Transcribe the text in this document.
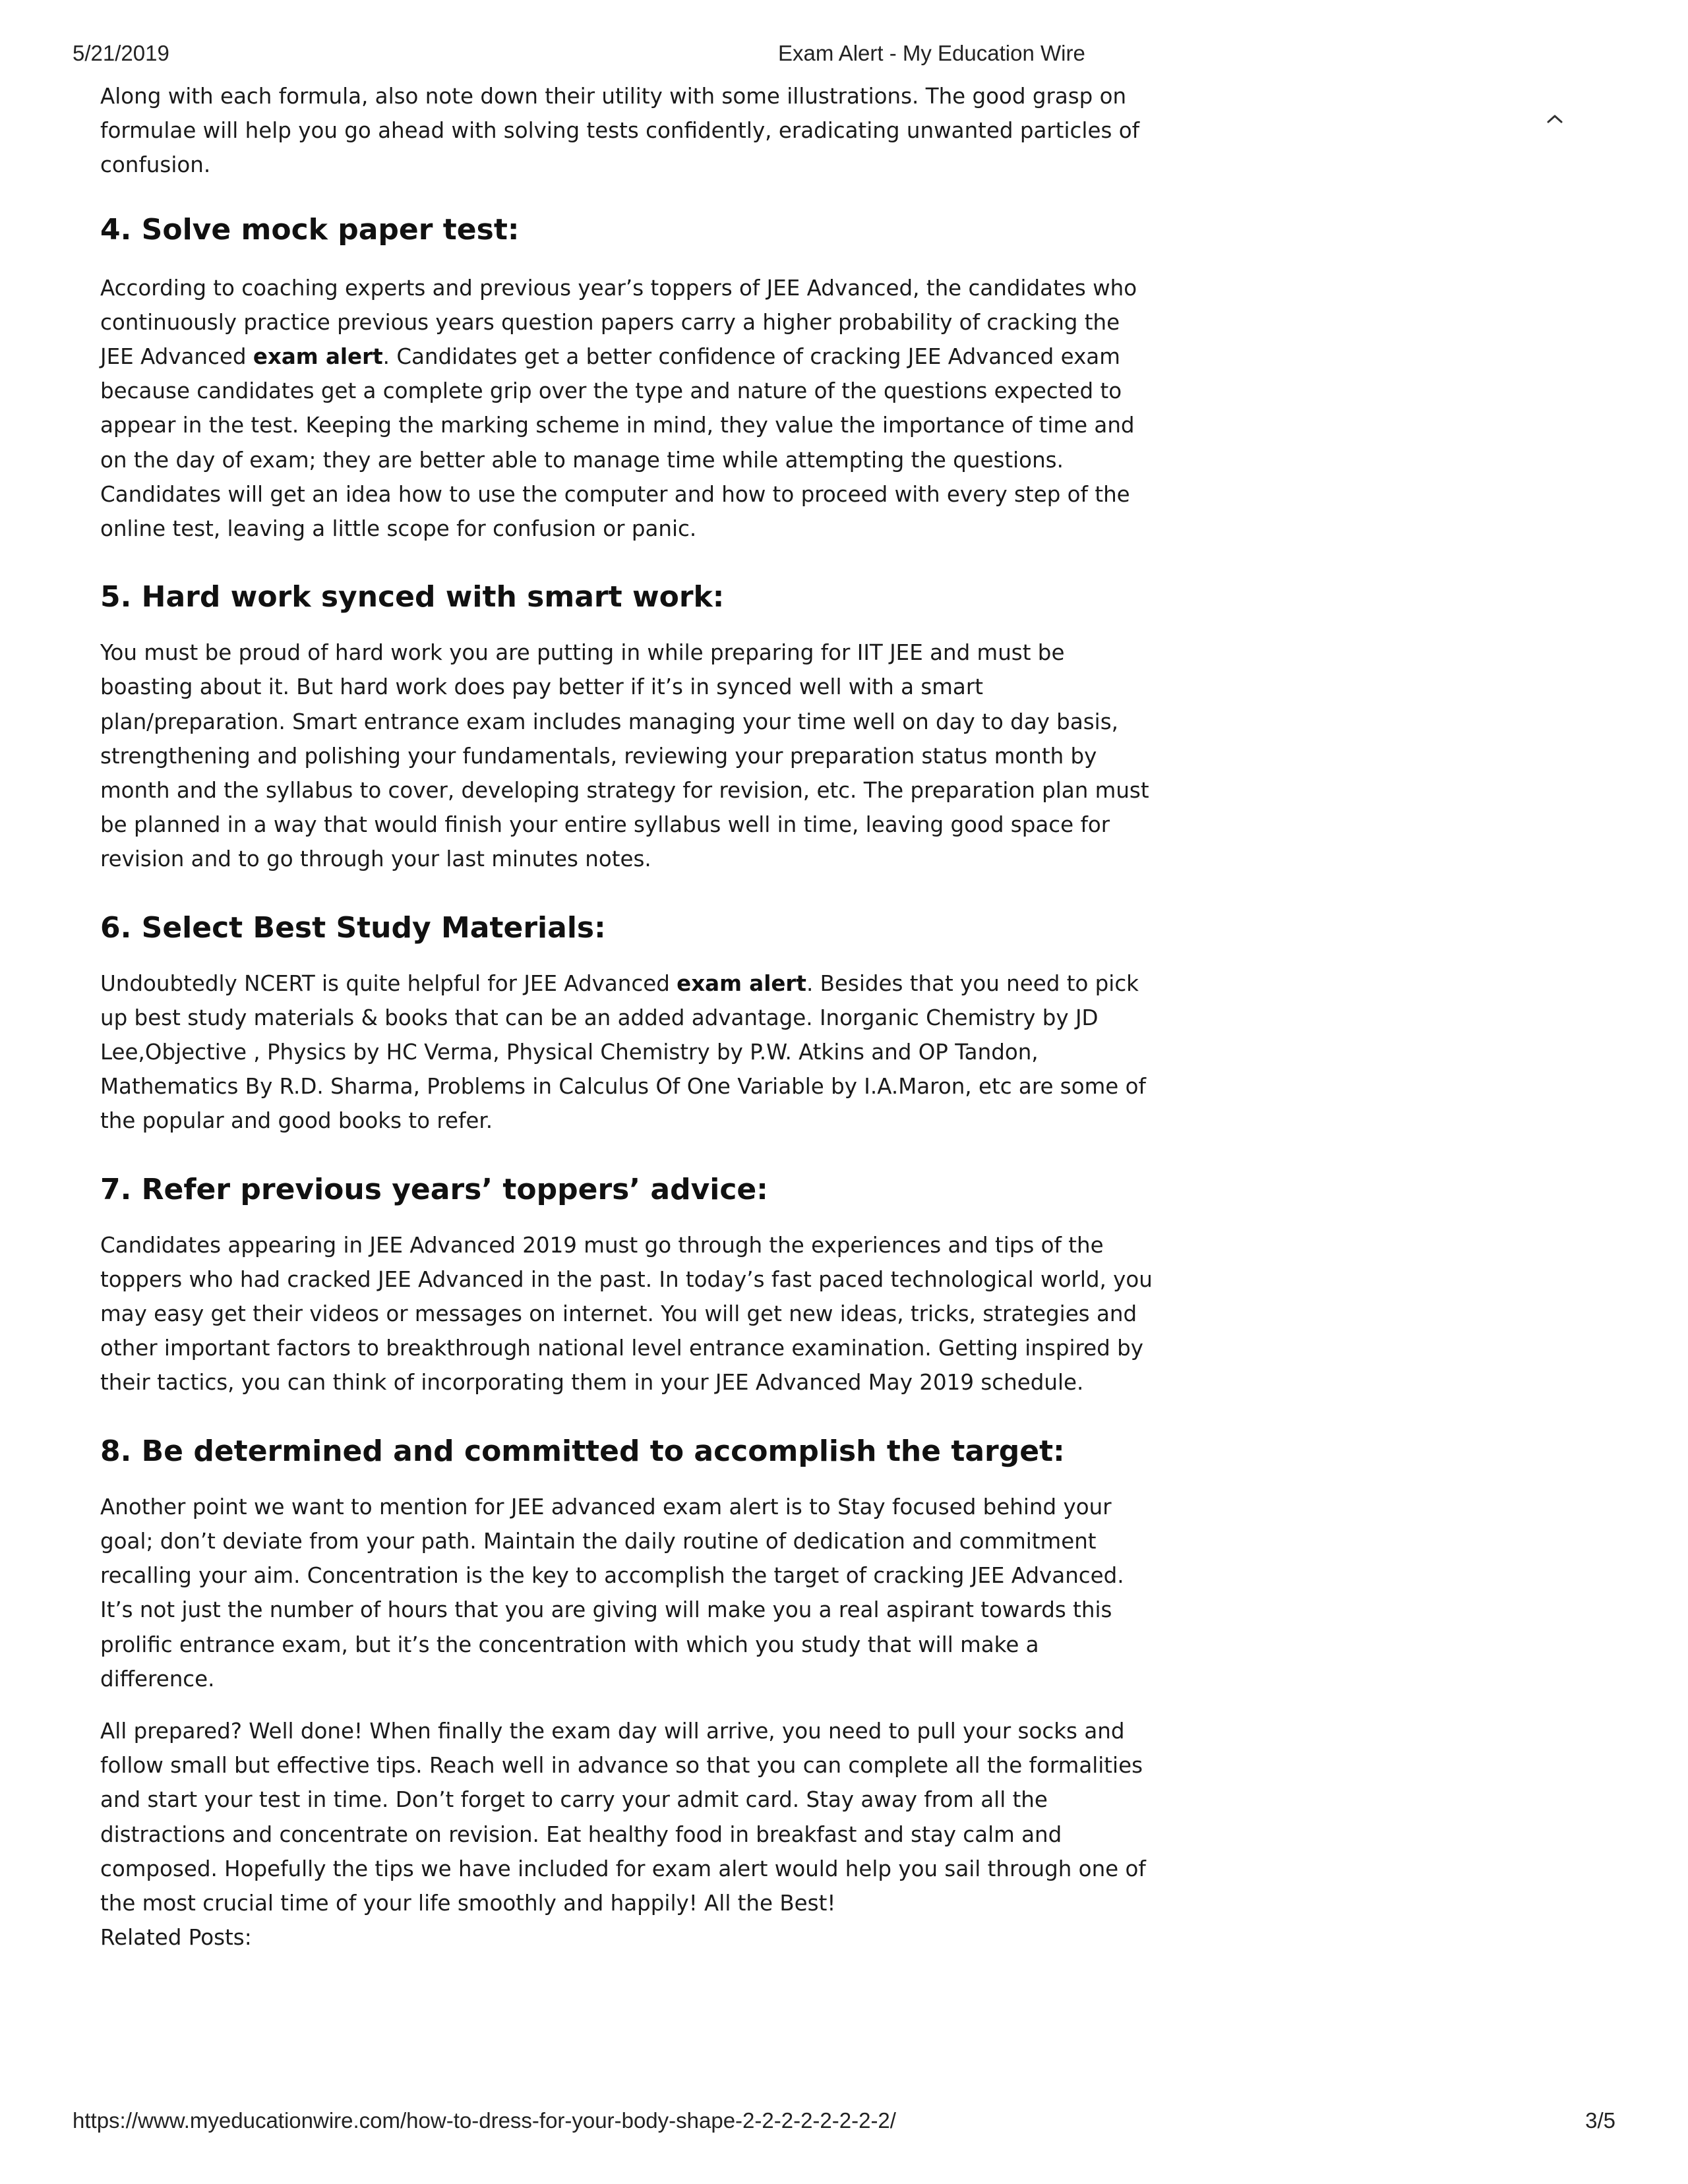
5/21/2019	Exam Alert - My Education Wire

Along with each formula, also note down their utility with some illustrations. The good grasp on formulae will help you go ahead with solving tests confidently, eradicating unwanted particles of confusion.

4. Solve mock paper test:

According to coaching experts and previous year’s toppers of JEE Advanced, the candidates who continuously practice previous years question papers carry a higher probability of cracking the JEE Advanced exam alert. Candidates get a better confidence of cracking JEE Advanced exam because candidates get a complete grip over the type and nature of the questions expected to appear in the test. Keeping the marking scheme in mind, they value the importance of time and on the day of exam; they are better able to manage time while attempting the questions. Candidates will get an idea how to use the computer and how to proceed with every step of the online test, leaving a little scope for confusion or panic.

5. Hard work synced with smart work:

You must be proud of hard work you are putting in while preparing for IIT JEE and must be boasting about it. But hard work does pay better if it’s in synced well with a smart plan/preparation. Smart entrance exam includes managing your time well on day to day basis, strengthening and polishing your fundamentals, reviewing your preparation status month by month and the syllabus to cover, developing strategy for revision, etc. The preparation plan must be planned in a way that would finish your entire syllabus well in time, leaving good space for revision and to go through your last minutes notes.

6. Select Best Study Materials:

Undoubtedly NCERT is quite helpful for JEE Advanced exam alert. Besides that you need to pick up best study materials & books that can be an added advantage. Inorganic Chemistry by JD Lee,Objective , Physics by HC Verma, Physical Chemistry by P.W. Atkins and OP Tandon, Mathematics By R.D. Sharma, Problems in Calculus Of One Variable by I.A.Maron, etc are some of the popular and good books to refer.

7. Refer previous years’ toppers’ advice:

Candidates appearing in JEE Advanced 2019 must go through the experiences and tips of the toppers who had cracked JEE Advanced in the past. In today’s fast paced technological world, you may easy get their videos or messages on internet. You will get new ideas, tricks, strategies and other important factors to breakthrough national level entrance examination. Getting inspired by their tactics, you can think of incorporating them in your JEE Advanced May 2019 schedule.

8. Be determined and committed to accomplish the target:

Another point we want to mention for JEE advanced exam alert is to Stay focused behind your goal; don’t deviate from your path. Maintain the daily routine of dedication and commitment recalling your aim. Concentration is the key to accomplish the target of cracking JEE Advanced. It’s not just the number of hours that you are giving will make you a real aspirant towards this prolific entrance exam, but it’s the concentration with which you study that will make a difference.

All prepared? Well done! When finally the exam day will arrive, you need to pull your socks and follow small but effective tips. Reach well in advance so that you can complete all the formalities and start your test in time. Don’t forget to carry your admit card. Stay away from all the distractions and concentrate on revision. Eat healthy food in breakfast and stay calm and composed. Hopefully the tips we have included for exam alert would help you sail through one of the most crucial time of your life smoothly and happily! All the Best!

Related Posts:

https://www.myeducationwire.com/how-to-dress-for-your-body-shape-2-2-2-2-2-2-2-2/	3/5
